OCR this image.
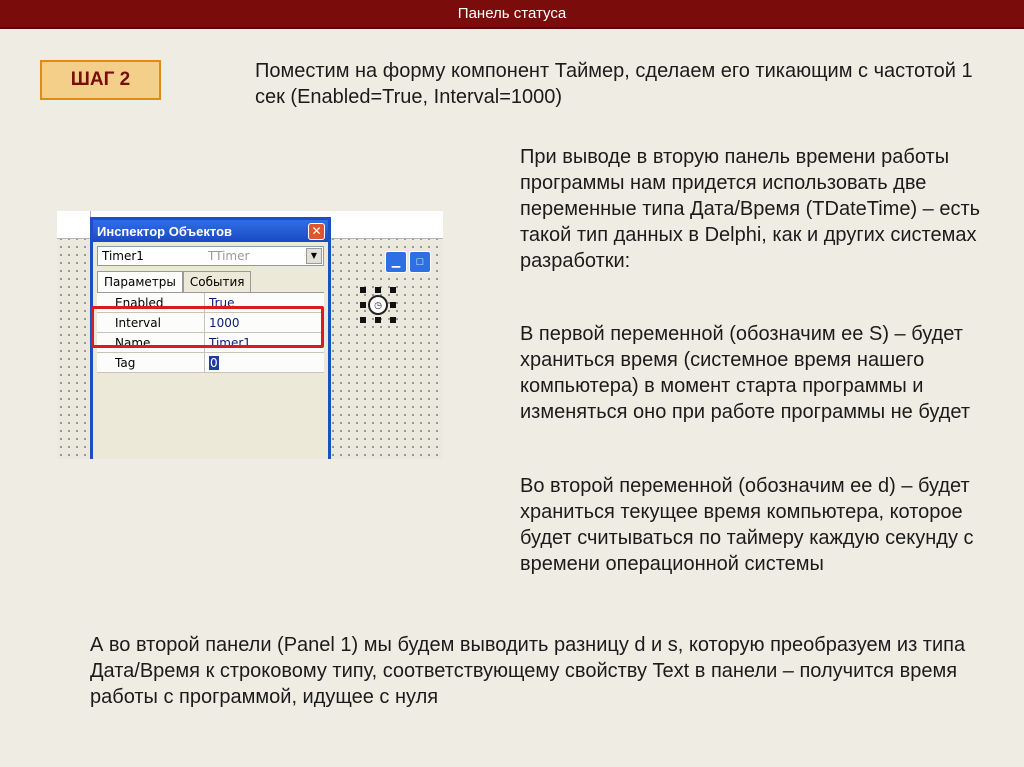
Панель статуса
ШАГ 2	Поместим на форму компонент Таймер, сделаем его тикающим с частотой 1 сек (Enabled=True, Interval=1000)
Инспектор Объектов	✕
Timer1	TTimer	▼
Параметры	События
Enabled	True
Interval	1000
Name	Timer1
Tag	0
▁	□
◷
При выводе в вторую панель времени работы программы нам придется использовать две переменные типа Дата/Время (TDateTime) – есть такой тип данных в Delphi, как и других системах разработки:
В первой переменной (обозначим ее S) – будет храниться время (системное время нашего компьютера) в момент старта программы и изменяться оно при работе программы не будет
Во второй переменной (обозначим ее d) – будет храниться текущее время компьютера, которое будет считываться по таймеру каждую секунду с времени операционной системы
А во второй панели (Panel 1) мы будем выводить разницу d и s, которую преобразуем из типа Дата/Время к строковому типу, соответствующему свойству Text в панели – получится время работы с программой, идущее с нуля
